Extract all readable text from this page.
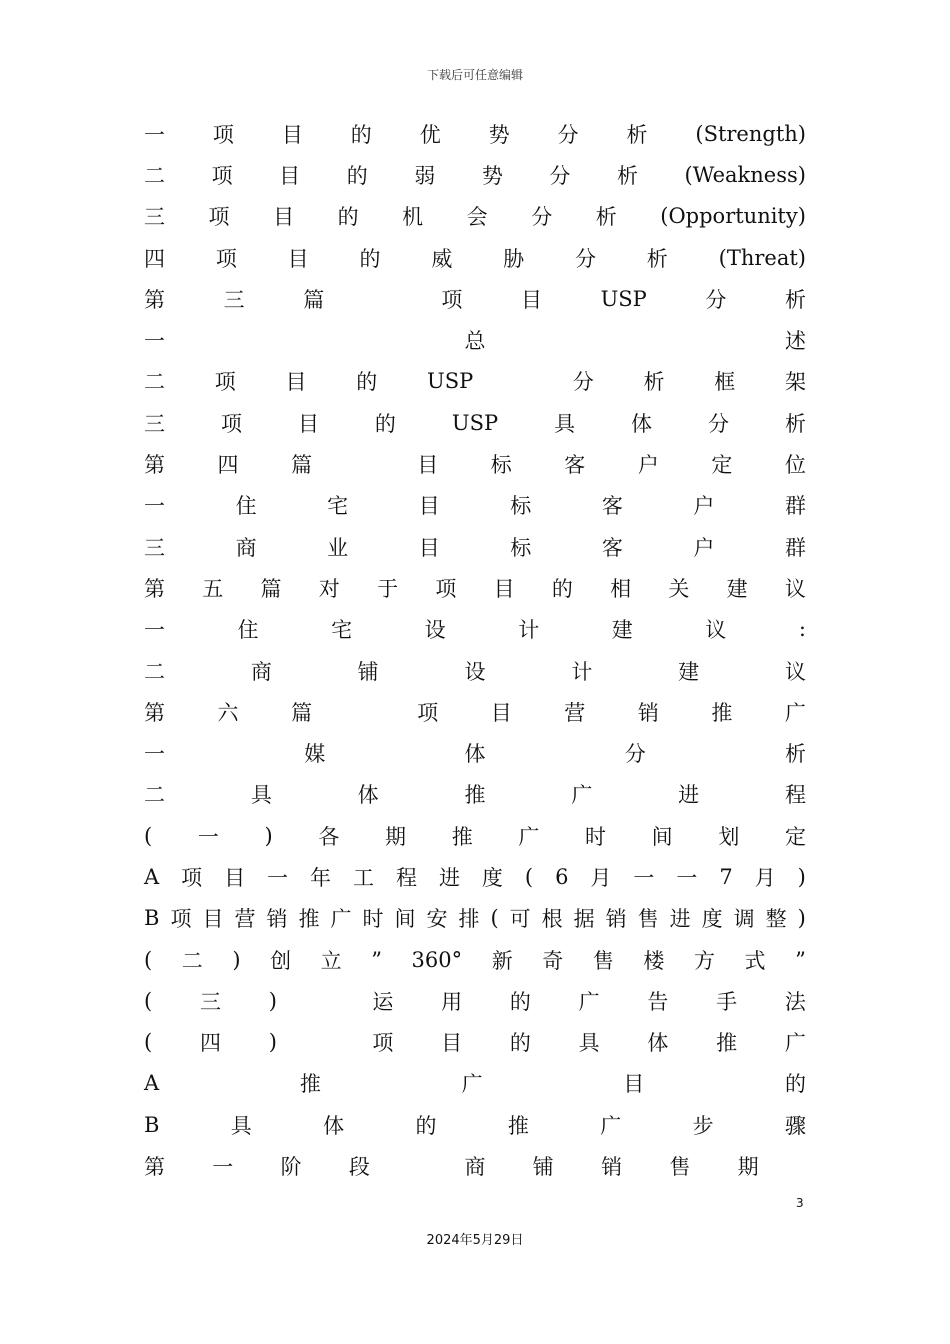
下载后可任意编辑
一 项 目 的 优 势 分 析 (Strength)
二 项 目 的 弱 势 分 析 (Weakness)
三 项 目 的 机 会 分 析 (Opportunity)
四 项 目 的 威 胁 分 析 (Threat)
第	三	篇	项	目	USP	分	析
一	总	述
二 项 目 的 USP	分 析 框 架
三	项	目	的	USP	具	体	分	析
第	四	篇	目	标	客	户	定	位
一	住	宅	目	标	客	户	群
三	商	业	目	标	客	户	群
第 五 篇 对 于 项 目 的 相 关 建 议
一	住	宅	设	计	建	议	:
二	商	铺	设	计	建	议
第	六	篇	项	目	营	销	推	广
一	媒	体	分	析
二	具	体	推	广	进	程
( 一 ) 各 期 推 广 时 间 划 定
A 项 目 一 年 工 程 进 度 ( 6 月 一 一 7 月 )
B 项 目 营 销 推 广 时 间 安 排 ( 可 根 据 销 售 进 度 调 整 )
( 二 ) 创 立 ” 360° 新 奇 售 楼 方 式 ”
( 三 )	运 用 的 广 告 手 法
( 四 )	项 目 的 具 体 推 广
A	推	广	目	的
B	具	体	的	推	广	步	骤
第 一 阶 段	商 铺 销 售 期
3
2024年5月29日
